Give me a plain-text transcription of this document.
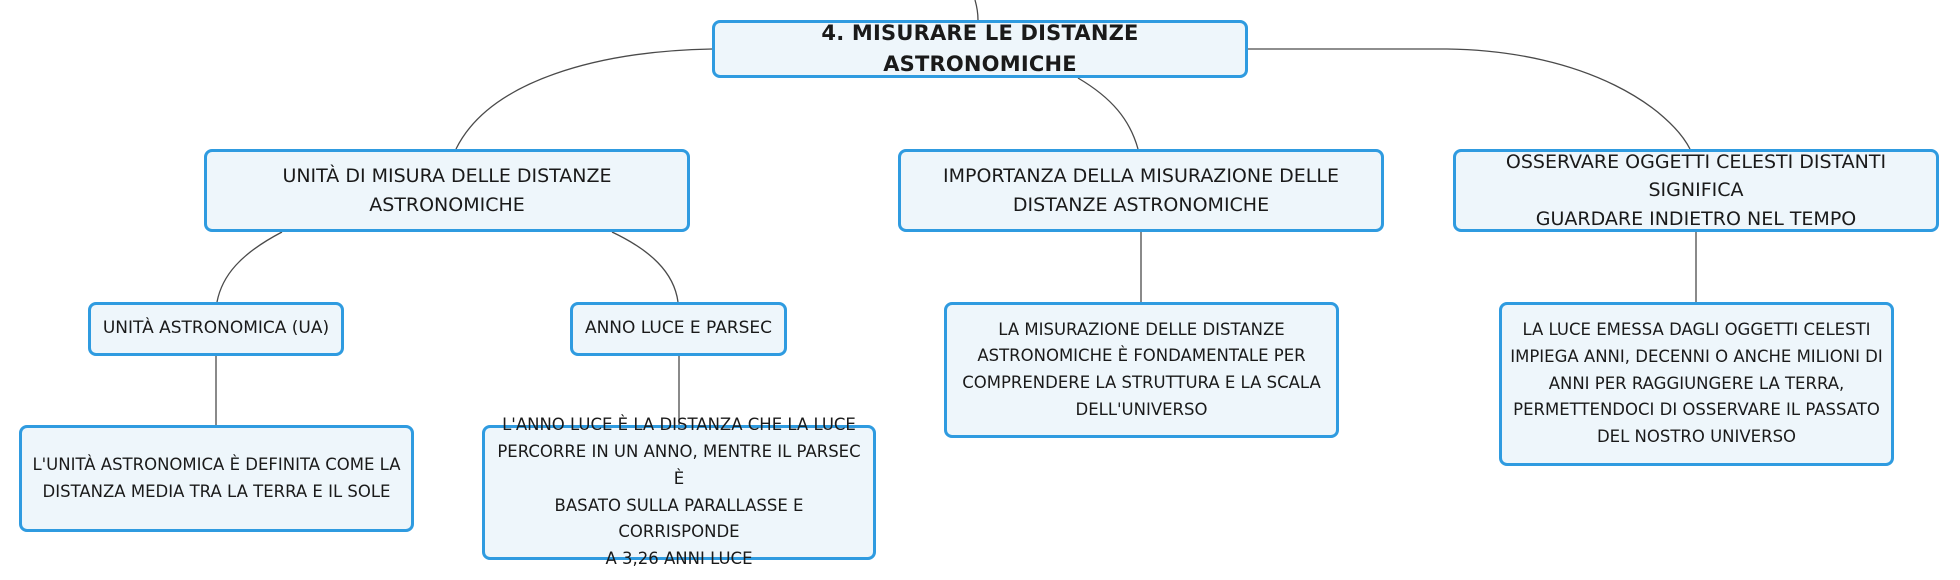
4. MISURARE LE DISTANZE ASTRONOMICHE
UNITÀ DI MISURA DELLE DISTANZE
ASTRONOMICHE
IMPORTANZA DELLA MISURAZIONE DELLE
DISTANZE ASTRONOMICHE
OSSERVARE OGGETTI CELESTI DISTANTI SIGNIFICA
GUARDARE INDIETRO NEL TEMPO
UNITÀ ASTRONOMICA (UA)	ANNO LUCE E PARSEC
L'UNITÀ ASTRONOMICA È DEFINITA COME LA
DISTANZA MEDIA TRA LA TERRA E IL SOLE
L'ANNO LUCE È LA DISTANZA CHE LA LUCE
PERCORRE IN UN ANNO, MENTRE IL PARSEC È
BASATO SULLA PARALLASSE E CORRISPONDE
A 3,26 ANNI LUCE
LA MISURAZIONE DELLE DISTANZE
ASTRONOMICHE È FONDAMENTALE PER
COMPRENDERE LA STRUTTURA E LA SCALA
DELL'UNIVERSO
LA LUCE EMESSA DAGLI OGGETTI CELESTI
IMPIEGA ANNI, DECENNI O ANCHE MILIONI DI
ANNI PER RAGGIUNGERE LA TERRA,
PERMETTENDOCI DI OSSERVARE IL PASSATO
DEL NOSTRO UNIVERSO
